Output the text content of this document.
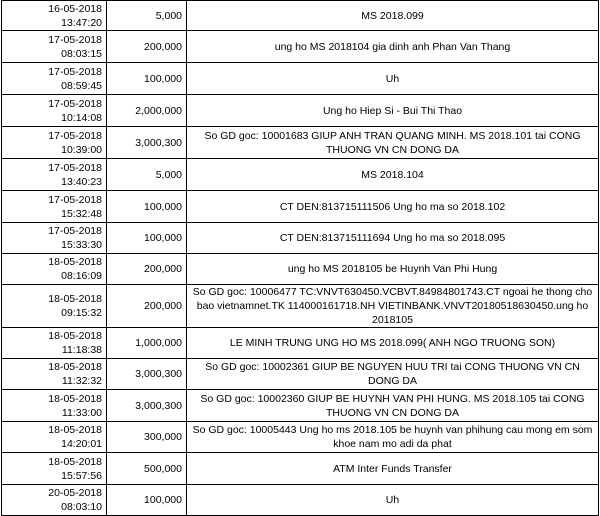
16-05-2018 13:47:20	5,000	MS 2018.099
17-05-2018 08:03:15	200,000	ung ho MS 2018104 gia dinh anh Phan Van Thang
17-05-2018 08:59:45	100,000	Uh
17-05-2018 10:14:08	2,000,000	Ung ho Hiep Si - Bui Thi Thao
17-05-2018 10:39:00	3,000,300	So GD goc: 10001683 GIUP ANH TRAN QUANG MINH. MS 2018.101 tai CONG THUONG VN CN DONG DA
17-05-2018 13:40:23	5,000	MS 2018.104
17-05-2018 15:32:48	100,000	CT DEN:813715111506 Ung ho ma so 2018.102
17-05-2018 15:33:30	100,000	CT DEN:813715111694 Ung ho ma so 2018.095
18-05-2018 08:16:09	200,000	ung ho MS 2018105 be Huynh Van Phi Hung
18-05-2018 09:15:32	200,000	So GD goc: 10006477 TC:VNVT630450.VCBVT.84984801743.CT ngoai he thong cho bao vietnamnet.TK 114000161718.NH VIETINBANK.VNVT20180518630450.ung ho 2018105
18-05-2018 11:18:38	1,000,000	LE MINH TRUNG UNG HO MS 2018.099( ANH NGO TRUONG SON)
18-05-2018 11:32:32	3,000,300	So GD goc: 10002361 GIUP BE NGUYEN HUU TRI tai CONG THUONG VN CN DONG DA
18-05-2018 11:33:00	3,000,300	So GD goc: 10002360 GIUP BE HUYNH VAN PHI HUNG. MS 2018.105 tai CONG THUONG VN CN DONG DA
18-05-2018 14:20:01	300,000	So GD goc: 10005443 Ung ho ms 2018.105 be huynh van phihung cau mong em som khoe nam mo adi da phat
18-05-2018 15:57:56	500,000	ATM Inter Funds Transfer
20-05-2018 08:03:10	100,000	Uh
